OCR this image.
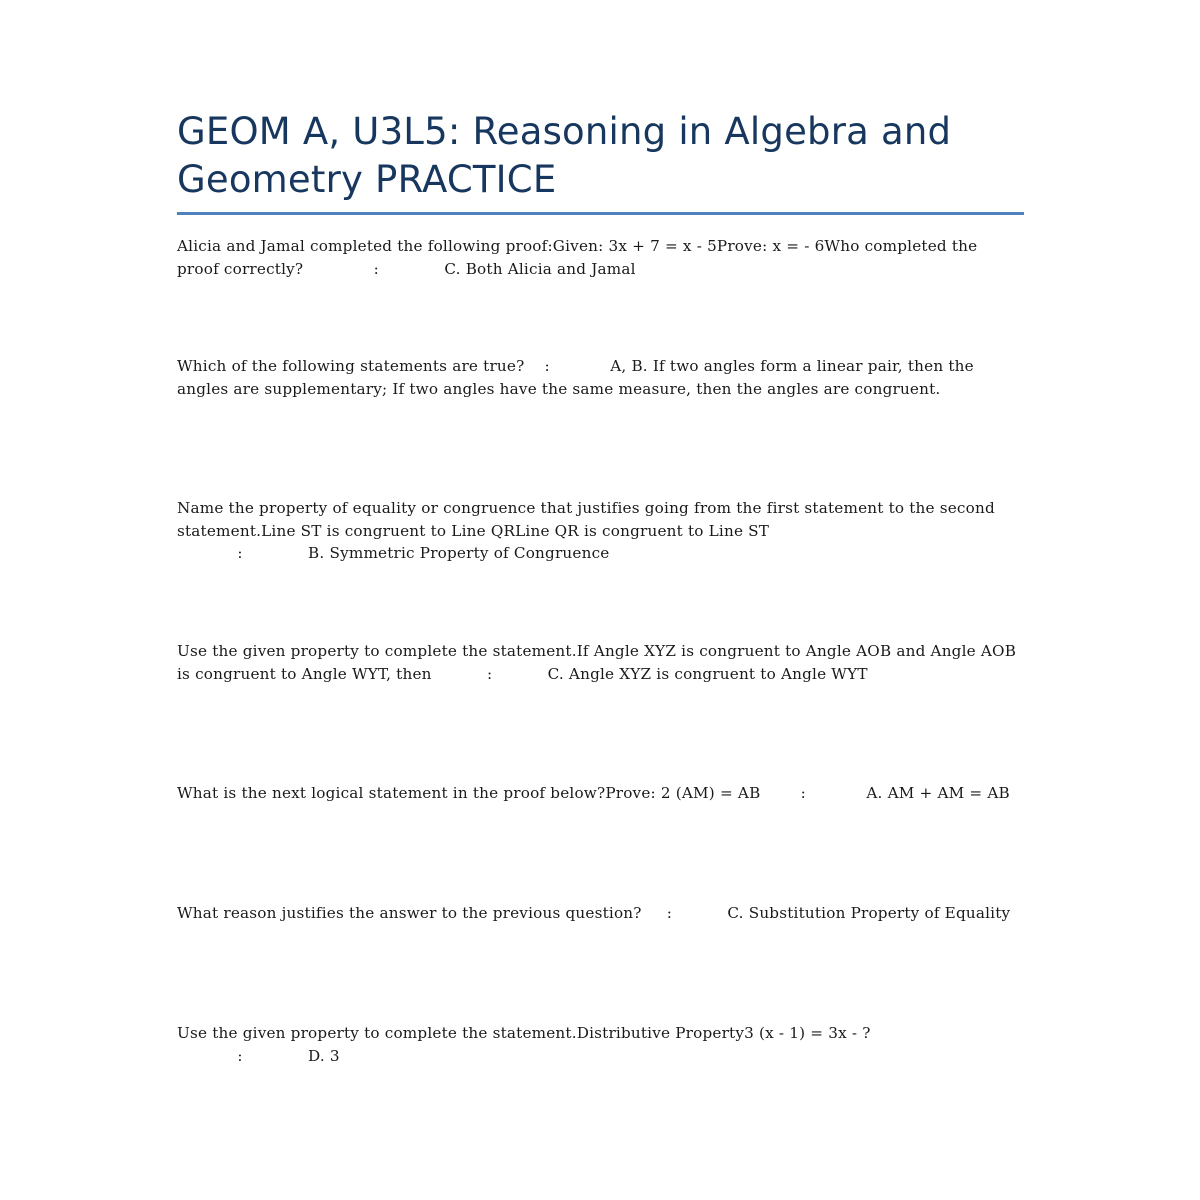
GEOM A, U3L5: Reasoning in Algebra and Geometry PRACTICE

Alicia and Jamal completed the following proof:Given: 3x + 7 = x - 5Prove: x = - 6Who completed the proof correctly?	:	C. Both Alicia and Jamal

Which of the following statements are true? :	A, B. If two angles form a linear pair, then the angles are supplementary; If two angles have the same measure, then the angles are congruent.

Name the property of equality or congruence that justifies going from the first statement to the second statement.Line ST is congruent to Line QRLine QR is congruent to Line ST
:	B. Symmetric Property of Congruence

Use the given property to complete the statement.If Angle XYZ is congruent to Angle AOB and Angle AOB is congruent to Angle WYT, then	:	C. Angle XYZ is congruent to Angle WYT

What is the next logical statement in the proof below?Prove: 2 (AM) = AB	:	A. AM + AM = AB

What reason justifies the answer to the previous question? :	C. Substitution Property of Equality

Use the given property to complete the statement.Distributive Property3 (x - 1) = 3x - ?
:	D. 3
